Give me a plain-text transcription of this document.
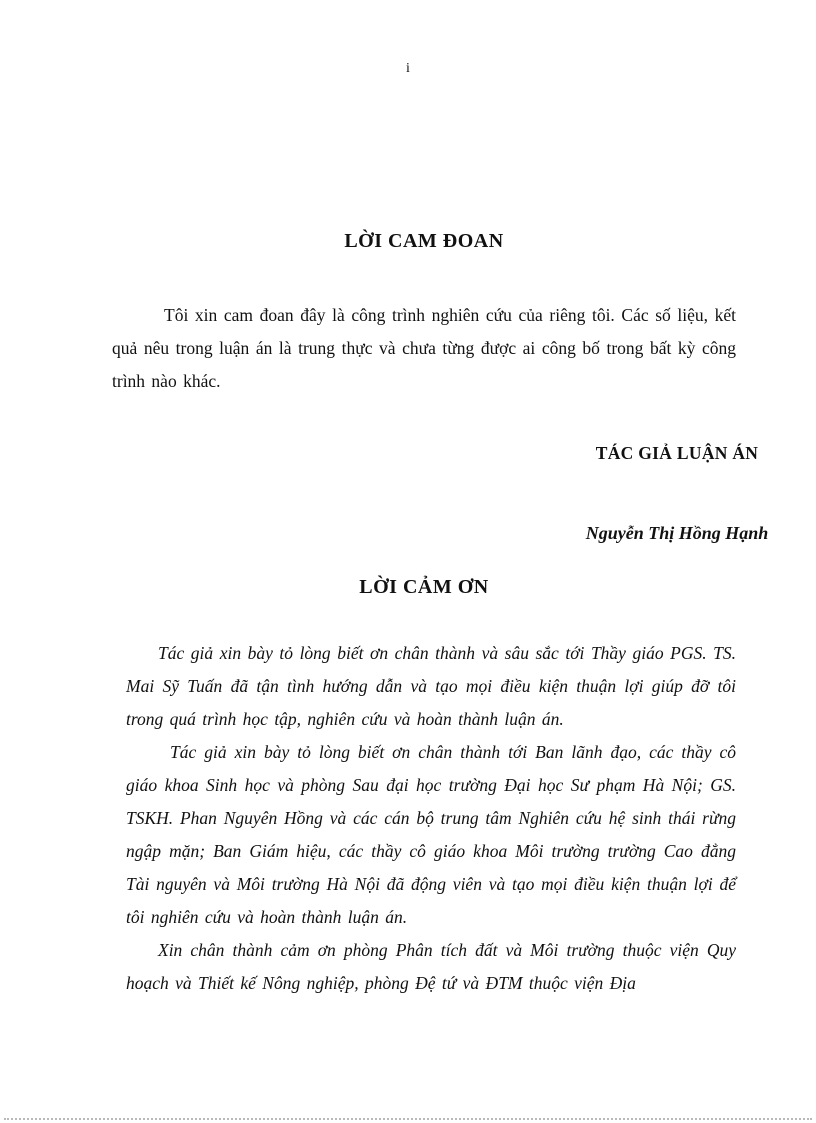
i
LỜI CAM ĐOAN

Tôi xin cam đoan đây là công trình nghiên cứu của riêng tôi. Các số liệu, kết quả nêu trong luận án là trung thực và chưa từng được ai công bố trong bất kỳ công trình nào khác.

TÁC GIẢ LUẬN ÁN
Nguyễn Thị Hồng Hạnh
LỜI CẢM ƠN

Tác giả xin bày tỏ lòng biết ơn chân thành và sâu sắc tới Thầy giáo PGS. TS. Mai Sỹ Tuấn đã tận tình hướng dẫn và tạo mọi điều kiện thuận lợi giúp đỡ tôi trong quá trình học tập, nghiên cứu và hoàn thành luận án.

Tác giả xin bày tỏ lòng biết ơn chân thành tới Ban lãnh đạo, các thầy cô giáo khoa Sinh học và phòng Sau đại học trường Đại học Sư phạm Hà Nội; GS. TSKH. Phan Nguyên Hồng và các cán bộ trung tâm Nghiên cứu hệ sinh thái rừng ngập mặn; Ban Giám hiệu, các thầy cô giáo khoa Môi trường trường Cao đẳng Tài nguyên và Môi trường Hà Nội đã động viên và tạo mọi điều kiện thuận lợi để tôi nghiên cứu và hoàn thành luận án.

Xin chân thành cảm ơn phòng Phân tích đất và Môi trường thuộc viện Quy hoạch và Thiết kế Nông nghiệp, phòng Đệ tứ và ĐTM thuộc viện Địa
